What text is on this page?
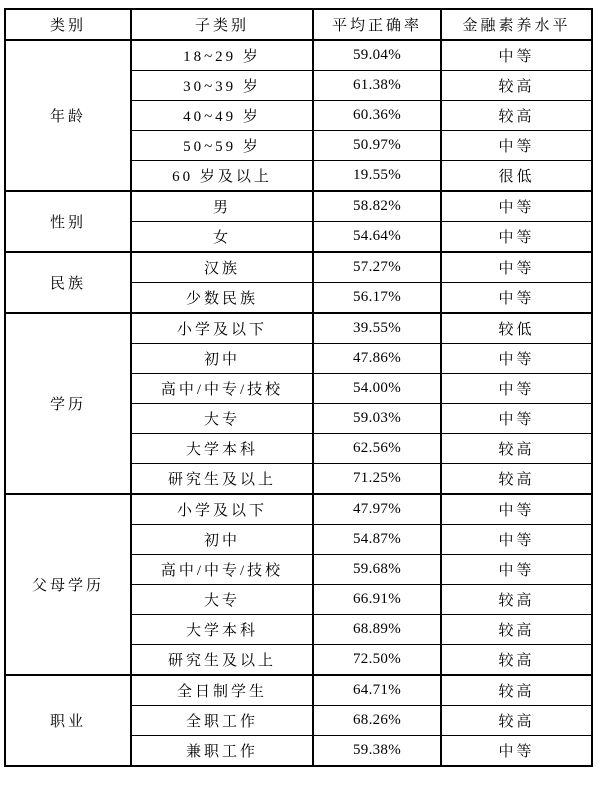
类别	子类别	平均正确率	金融素养水平
年龄	18~29 岁	59.04%	中等
	30~39 岁	61.38%	较高
	40~49 岁	60.36%	较高
	50~59 岁	50.97%	中等
	60 岁及以上	19.55%	很低
性别	男	58.82%	中等
	女	54.64%	中等
民族	汉族	57.27%	中等
	少数民族	56.17%	中等
学历	小学及以下	39.55%	较低
	初中	47.86%	中等
	高中/中专/技校	54.00%	中等
	大专	59.03%	中等
	大学本科	62.56%	较高
	研究生及以上	71.25%	较高
父母学历	小学及以下	47.97%	中等
	初中	54.87%	中等
	高中/中专/技校	59.68%	中等
	大专	66.91%	较高
	大学本科	68.89%	较高
	研究生及以上	72.50%	较高
职业	全日制学生	64.71%	较高
	全职工作	68.26%	较高
	兼职工作	59.38%	中等
